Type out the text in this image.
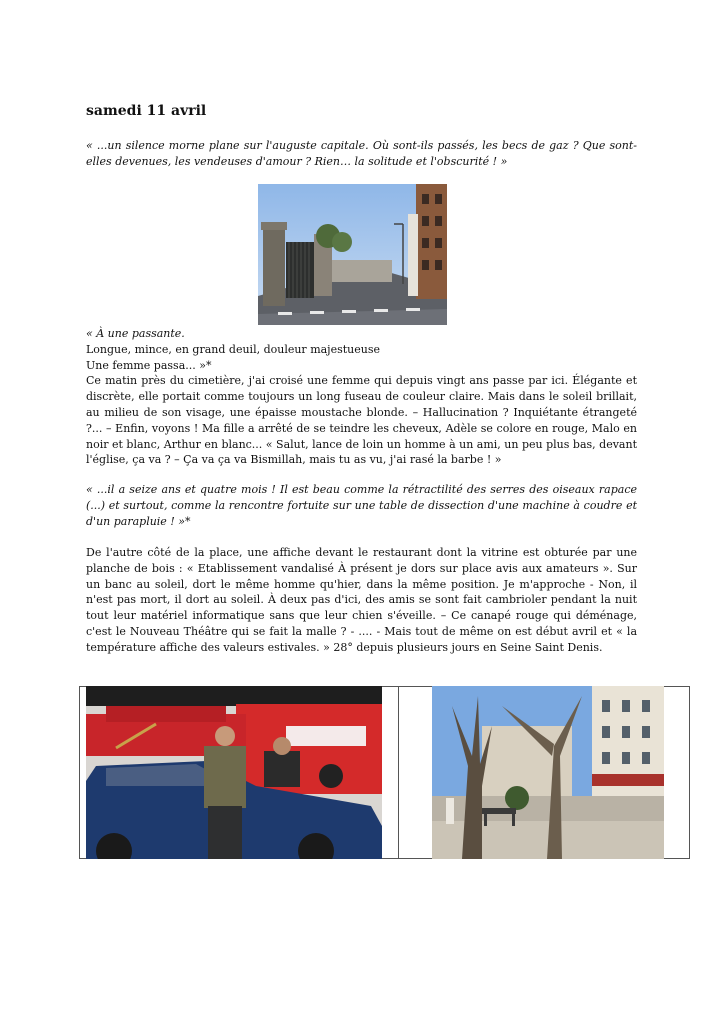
samedi 11 avril
« ...un silence morne plane sur l'auguste capitale. Où sont-ils passés, les becs de gaz ? Que sont-elles devenues, les vendeuses d'amour ? Rien… la solitude et l'obscurité ! »

« À une passante.

Longue, mince, en grand deuil, douleur majestueuse

Une femme passa... »*

Ce matin près du cimetière, j'ai croisé une femme qui depuis vingt ans passe par ici. Élégante et discrète, elle portait comme toujours un long fuseau de couleur claire. Mais dans le soleil brillait, au milieu de son visage, une épaisse moustache blonde. – Hallucination ? Inquiétante étrangeté ?... – Enfin, voyons ! Ma fille a arrêté de se teindre les cheveux, Adèle se colore en rouge, Malo en noir et blanc, Arthur en blanc... « Salut, lance de loin un homme à un ami, un peu plus bas, devant l'église, ça va ? – Ça va ça va Bismillah, mais tu as vu, j'ai rasé la barbe ! »

« ...il a seize ans et quatre mois ! Il est beau comme la rétractilité des serres des oiseaux rapace (...) et surtout, comme la rencontre fortuite sur une table de dissection d'une machine à coudre et d'un parapluie ! »*
De l'autre côté de la place, une affiche devant le restaurant dont la vitrine est obturée par une planche de bois : « Etablissement vandalisé À présent je dors sur place avis aux amateurs ». Sur un banc au soleil, dort le même homme qu'hier, dans la même position. Je m'approche - Non, il n'est pas mort, il dort au soleil. À deux pas d'ici, des amis se sont fait cambrioler pendant la nuit tout leur matériel informatique sans que leur chien s'éveille. – Ce canapé rouge qui déménage, c'est le Nouveau Théâtre qui se fait la malle ? - .... - Mais tout de même on est début avril et « la température affiche des valeurs estivales. » 28° depuis plusieurs jours en Seine Saint Denis.
